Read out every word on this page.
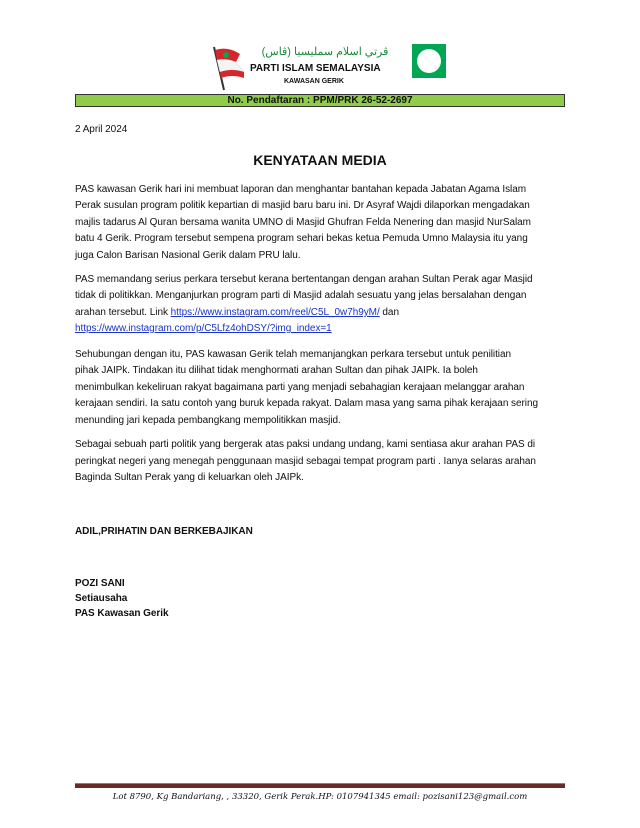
ڤرتي اسلام سمليسيا (ڤاس)
PARTI ISLAM SEMALAYSIA
KAWASAN GERIK
No. Pendaftaran : PPM/PRK 26-52-2697
2 April 2024
KENYATAAN MEDIA
PAS kawasan Gerik hari ini membuat laporan dan menghantar bantahan kepada Jabatan Agama Islam
Perak susulan program politik kepartian di masjid baru baru ini. Dr Asyraf Wajdi dilaporkan mengadakan
majlis tadarus Al Quran bersama wanita UMNO di Masjid Ghufran Felda Nenering dan masjid NurSalam
batu 4 Gerik. Program tersebut sempena program sehari bekas ketua Pemuda Umno Malaysia itu yang
juga Calon Barisan Nasional Gerik dalam PRU lalu.
PAS memandang serius perkara tersebut kerana bertentangan dengan arahan Sultan Perak agar Masjid
tidak di politikkan. Menganjurkan program parti di Masjid adalah sesuatu yang jelas bersalahan dengan
arahan tersebut. Link https://www.instagram.com/reel/C5L_0w7h9yM/ dan
https://www.instagram.com/p/C5Lfz4ohDSY/?img_index=1
Sehubungan dengan itu, PAS kawasan Gerik telah memanjangkan perkara tersebut untuk penilitian
pihak JAIPk. Tindakan itu dilihat tidak menghormati arahan Sultan dan pihak JAIPk. Ia boleh
menimbulkan kekeliruan rakyat bagaimana parti yang menjadi sebahagian kerajaan melanggar arahan
kerajaan sendiri. Ia satu contoh yang buruk kepada rakyat. Dalam masa yang sama pihak kerajaan sering
menunding jari kepada pembangkang mempolitikkan masjid.
Sebagai sebuah parti politik yang bergerak atas paksi undang undang, kami sentiasa akur arahan PAS di
peringkat negeri yang menegah penggunaan masjid sebagai tempat program parti . Ianya selaras arahan
Baginda Sultan Perak yang di keluarkan oleh JAIPk.
ADIL,PRIHATIN DAN BERKEBAJIKAN
POZI SANI
Setiausaha
PAS Kawasan Gerik
Lot 8790, Kg Bandariang, , 33320, Gerik Perak.HP: 0107941345 email: pozisani123@gmail.com
